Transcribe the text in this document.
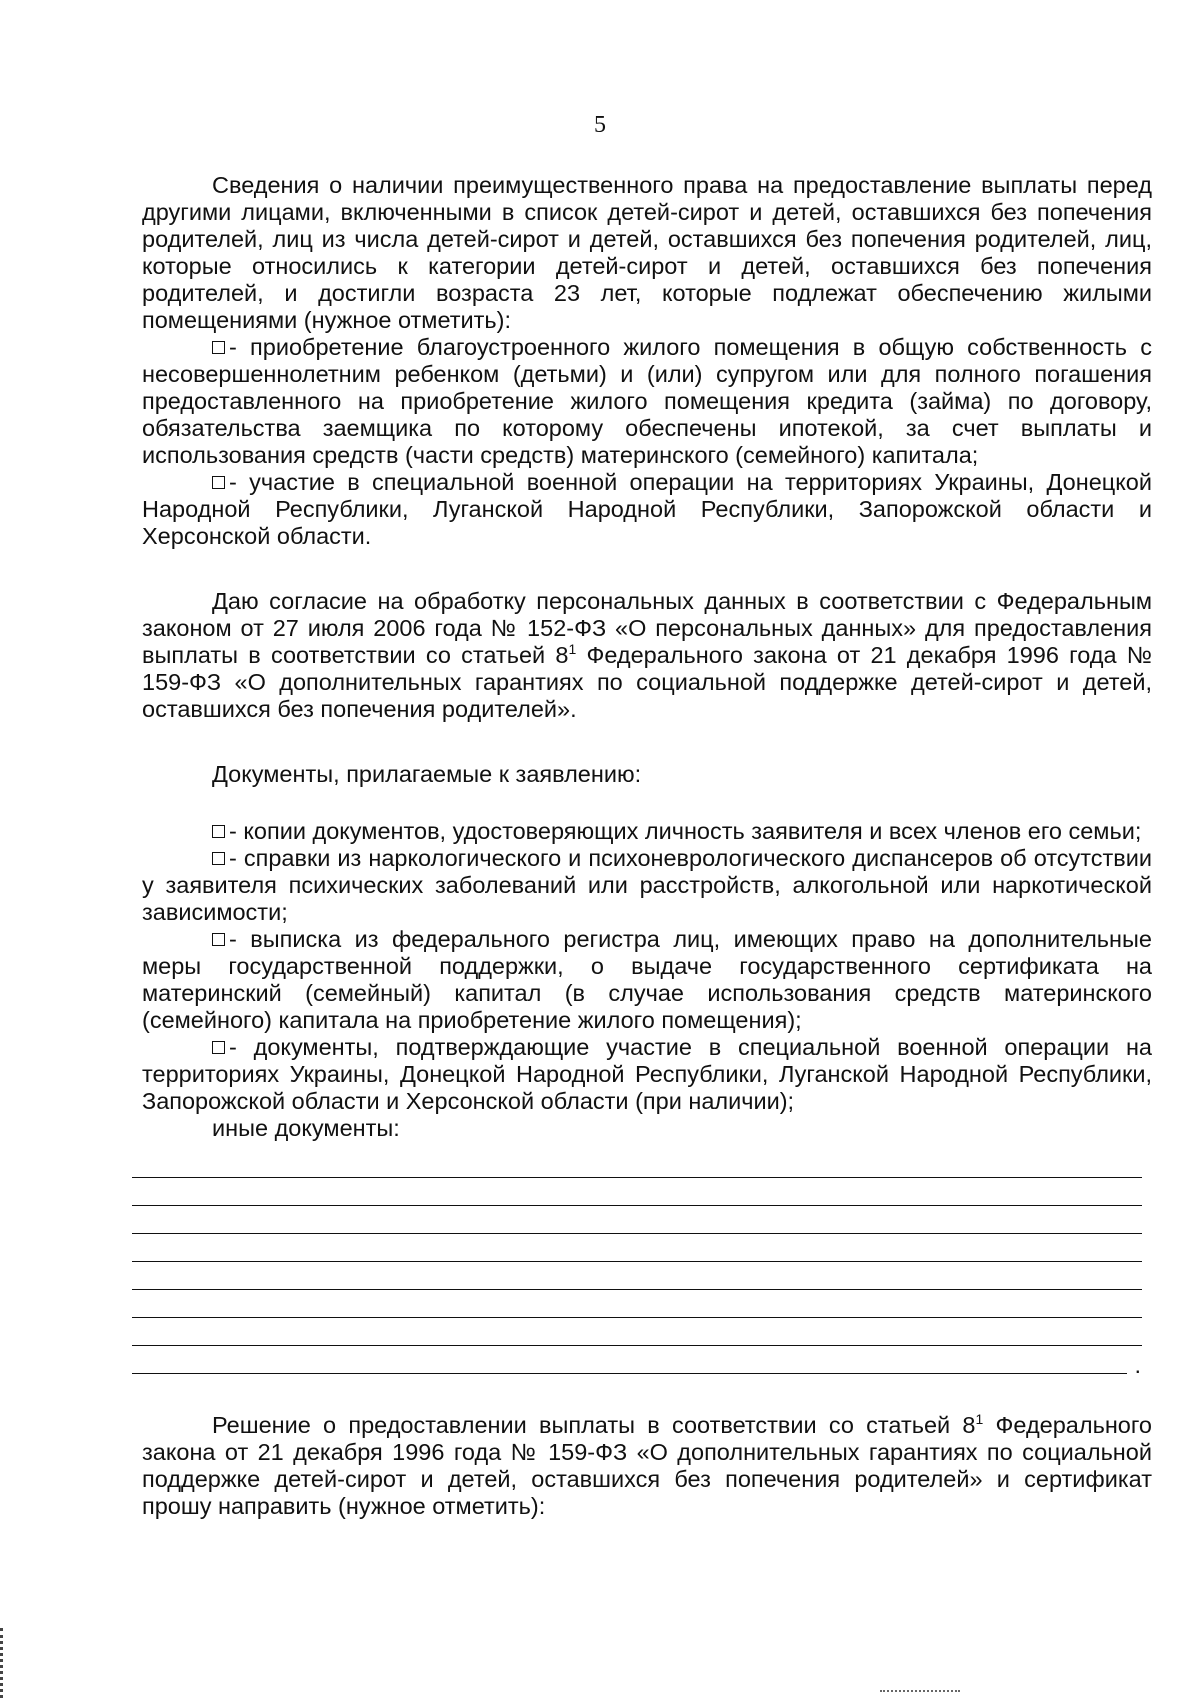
5

Сведения о наличии преимущественного права на предоставление выплаты перед другими лицами, включенными в список детей-сирот и детей, оставшихся без попечения родителей, лиц из числа детей-сирот и детей, оставшихся без попечения родителей, лиц, которые относились к категории детей-сирот и детей, оставшихся без попечения родителей, и достигли возраста 23 лет, которые подлежат обеспечению жилыми помещениями (нужное отметить):

- приобретение благоустроенного жилого помещения в общую собственность с несовершеннолетним ребенком (детьми) и (или) супругом или для полного погашения предоставленного на приобретение жилого помещения кредита (займа) по договору, обязательства заемщика по которому обеспечены ипотекой, за счет выплаты и использования средств (части средств) материнского (семейного) капитала;

- участие в специальной военной операции на территориях Украины, Донецкой Народной Республики, Луганской Народной Республики, Запорожской области и Херсонской области.

Даю согласие на обработку персональных данных в соответствии с Федеральным законом от 27 июля 2006 года № 152-ФЗ «О персональных данных» для предоставления выплаты в соответствии со статьей $8^1$ Федерального закона от 21 декабря 1996 года № 159-ФЗ «О дополнительных гарантиях по социальной поддержке детей-сирот и детей, оставшихся без попечения родителей».

Документы, прилагаемые к заявлению:

- копии документов, удостоверяющих личность заявителя и всех членов его семьи;

- справки из наркологического и психоневрологического диспансеров об отсутствии у заявителя психических заболеваний или расстройств, алкогольной или наркотической зависимости;

- выписка из федерального регистра лиц, имеющих право на дополнительные меры государственной поддержки, о выдаче государственного сертификата на материнский (семейный) капитал (в случае использования средств материнского (семейного) капитала на приобретение жилого помещения);

- документы, подтверждающие участие в специальной военной операции на территориях Украины, Донецкой Народной Республики, Луганской Народной Республики, Запорожской области и Херсонской области (при наличии);

иные документы:

.

Решение о предоставлении выплаты в соответствии со статьей $8^1$ Федерального закона от 21 декабря 1996 года № 159-ФЗ «О дополнительных гарантиях по социальной поддержке детей-сирот и детей, оставшихся без попечения родителей» и сертификат прошу направить (нужное отметить):
